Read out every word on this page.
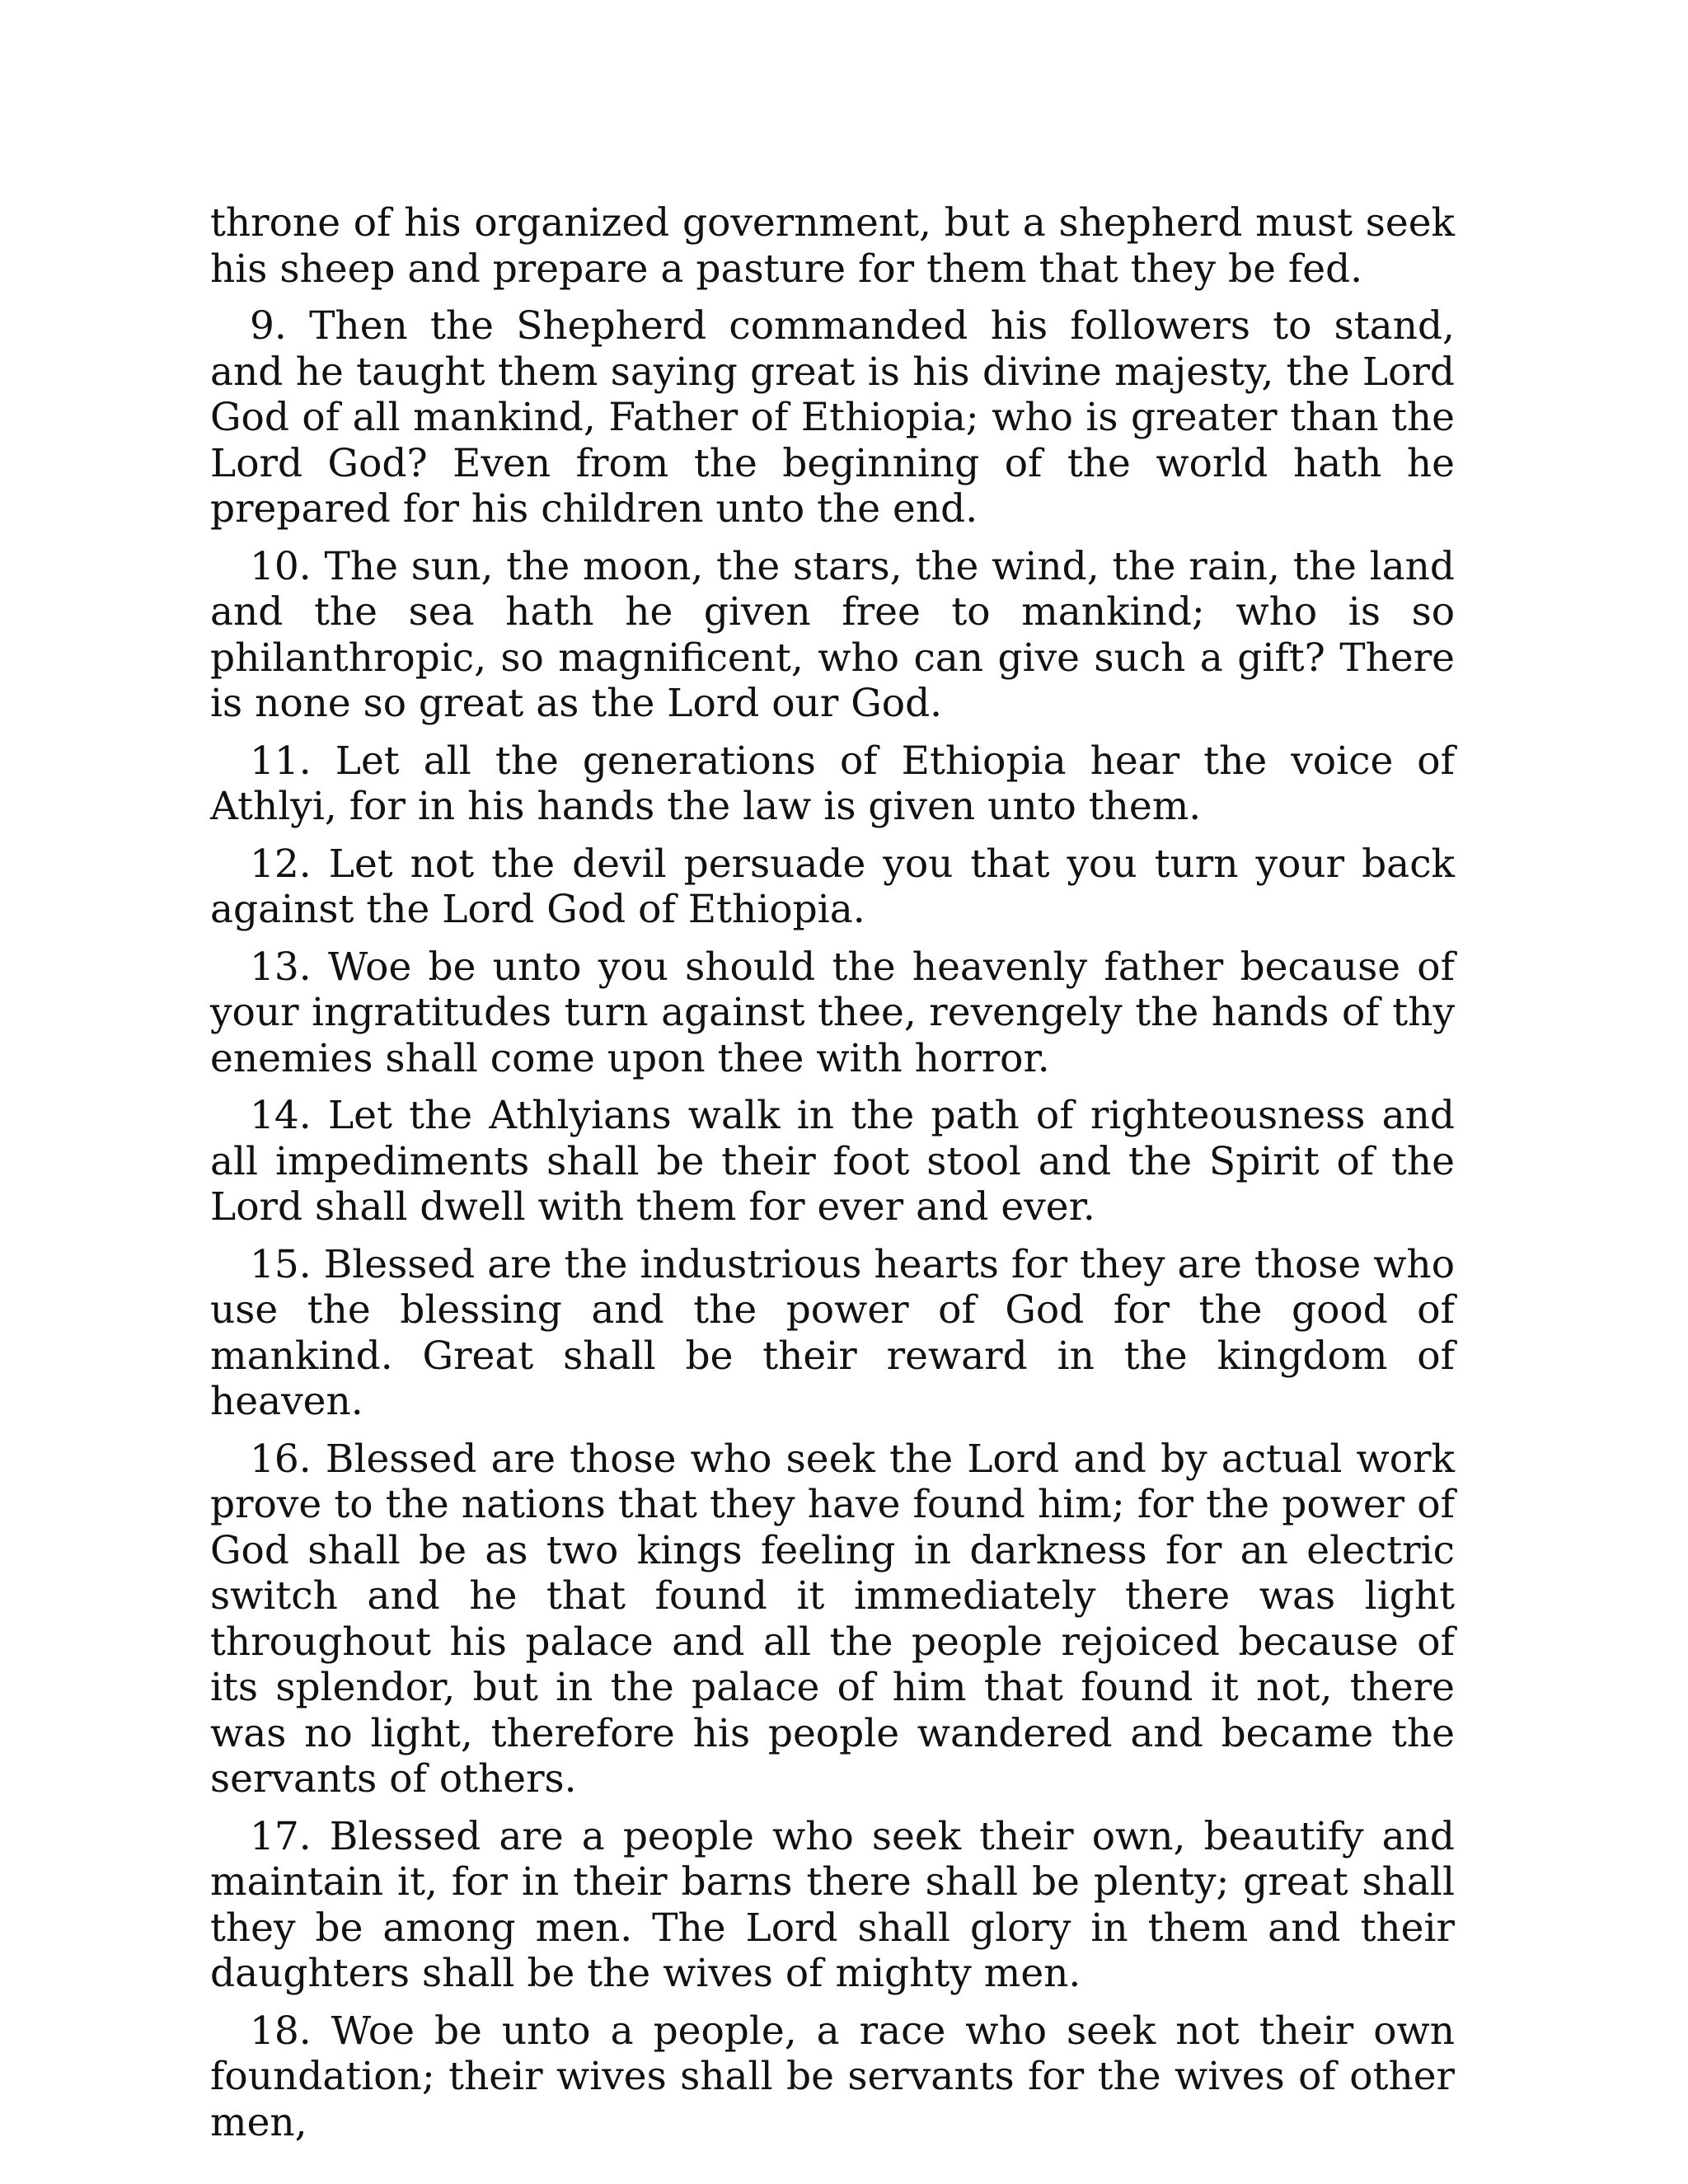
throne of his organized government, but a shepherd must seek his sheep and prepare a pasture for them that they be fed.

9. Then the Shepherd commanded his followers to stand, and he taught them saying great is his divine majesty, the Lord God of all mankind, Father of Ethiopia; who is greater than the Lord God? Even from the beginning of the world hath he prepared for his children unto the end.

10. The sun, the moon, the stars, the wind, the rain, the land and the sea hath he given free to mankind; who is so philanthropic, so magnificent, who can give such a gift? There is none so great as the Lord our God.

11. Let all the generations of Ethiopia hear the voice of Athlyi, for in his hands the law is given unto them.

12. Let not the devil persuade you that you turn your back against the Lord God of Ethiopia.

13. Woe be unto you should the heavenly father because of your ingratitudes turn against thee, revengely the hands of thy enemies shall come upon thee with horror.

14. Let the Athlyians walk in the path of righteousness and all impediments shall be their foot stool and the Spirit of the Lord shall dwell with them for ever and ever.

15. Blessed are the industrious hearts for they are those who use the blessing and the power of God for the good of mankind. Great shall be their reward in the kingdom of heaven.

16. Blessed are those who seek the Lord and by actual work prove to the nations that they have found him; for the power of God shall be as two kings feeling in darkness for an electric switch and he that found it immediately there was light throughout his palace and all the people rejoiced because of its splendor, but in the palace of him that found it not, there was no light, therefore his people wandered and became the servants of others.

17. Blessed are a people who seek their own, beautify and maintain it, for in their barns there shall be plenty; great shall they be among men. The Lord shall glory in them and their daughters shall be the wives of mighty men.

18. Woe be unto a people, a race who seek not their own foundation; their wives shall be servants for the wives of other men,
